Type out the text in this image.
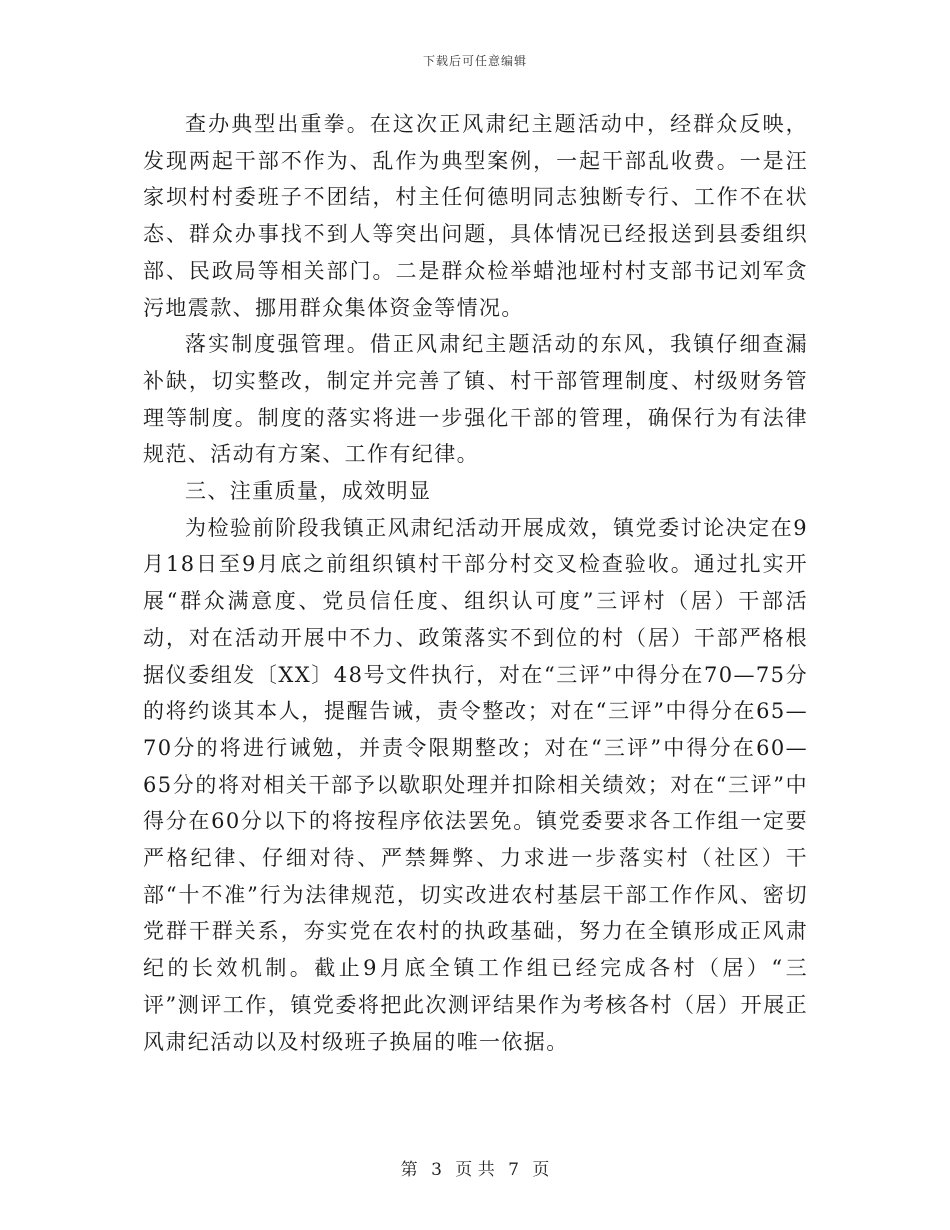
下载后可任意编辑

查办典型出重拳。在这次正风肃纪主题活动中，经群众反映，发现两起干部不作为、乱作为典型案例，一起干部乱收费。一是汪家坝村村委班子不团结，村主任何德明同志独断专行、工作不在状态、群众办事找不到人等突出问题，具体情况已经报送到县委组织部、民政局等相关部门。二是群众检举蜡池垭村村支部书记刘军贪污地震款、挪用群众集体资金等情况。

落实制度强管理。借正风肃纪主题活动的东风，我镇仔细查漏补缺，切实整改，制定并完善了镇、村干部管理制度、村级财务管理等制度。制度的落实将进一步强化干部的管理，确保行为有法律规范、活动有方案、工作有纪律。

三、注重质量，成效明显

为检验前阶段我镇正风肃纪活动开展成效，镇党委讨论决定在9月18日至9月底之前组织镇村干部分村交叉检查验收。通过扎实开展“群众满意度、党员信任度、组织认可度”三评村（居）干部活动，对在活动开展中不力、政策落实不到位的村（居）干部严格根据仪委组发〔XX〕48号文件执行，对在“三评”中得分在70—75分的将约谈其本人，提醒告诫，责令整改；对在“三评”中得分在65—70分的将进行诫勉，并责令限期整改；对在“三评”中得分在60—65分的将对相关干部予以歇职处理并扣除相关绩效；对在“三评”中得分在60分以下的将按程序依法罢免。镇党委要求各工作组一定要严格纪律、仔细对待、严禁舞弊、力求进一步落实村（社区）干部“十不准”行为法律规范，切实改进农村基层干部工作作风、密切党群干群关系，夯实党在农村的执政基础，努力在全镇形成正风肃纪的长效机制。截止9月底全镇工作组已经完成各村（居）“三评”测评工作，镇党委将把此次测评结果作为考核各村（居）开展正风肃纪活动以及村级班子换届的唯一依据。

第 3 页 共 7 页
